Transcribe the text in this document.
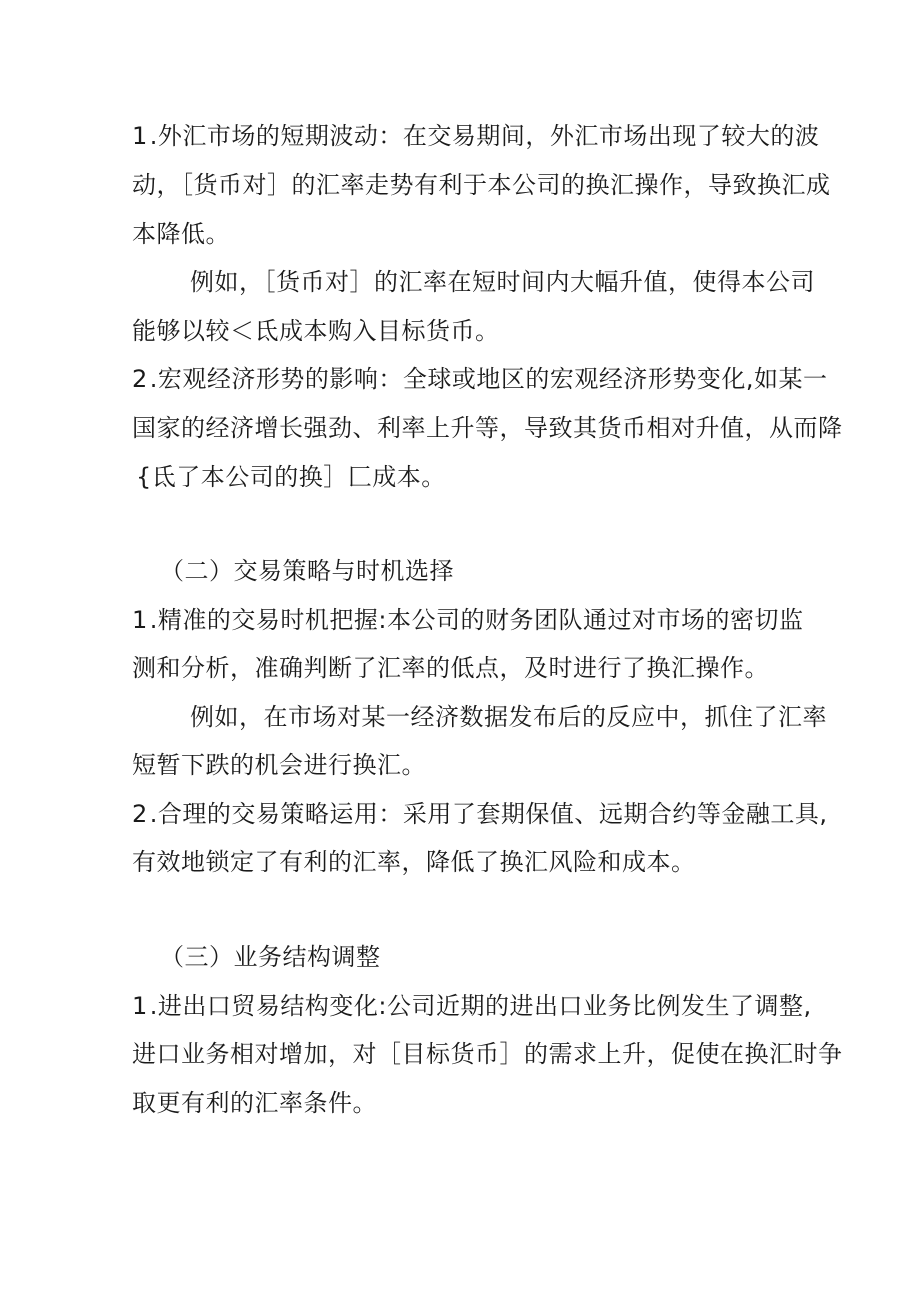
1.外汇市场的短期波动：在交易期间，外汇市场出现了较大的波

动，［货币对］的汇率走势有利于本公司的换汇操作，导致换汇成

本降低。

例如，［货币对］的汇率在短时间内大幅升值，使得本公司

能够以较＜氐成本购入目标货币。

2.宏观经济形势的影响：全球或地区的宏观经济形势变化,如某一

国家的经济增长强劲、利率上升等，导致其货币相对升值，从而降

{氐了本公司的换］匚成本。

（二）交易策略与时机选择

1.精准的交易时机把握:本公司的财务团队通过对市场的密切监

测和分析，准确判断了汇率的低点，及时进行了换汇操作。

例如，在市场对某一经济数据发布后的反应中，抓住了汇率

短暂下跌的机会进行换汇。

2.合理的交易策略运用：采用了套期保值、远期合约等金融工具,

有效地锁定了有利的汇率，降低了换汇风险和成本。

（三）业务结构调整

1.进出口贸易结构变化:公司近期的进出口业务比例发生了调整,

进口业务相对增加，对［目标货币］的需求上升，促使在换汇时争

取更有利的汇率条件。
